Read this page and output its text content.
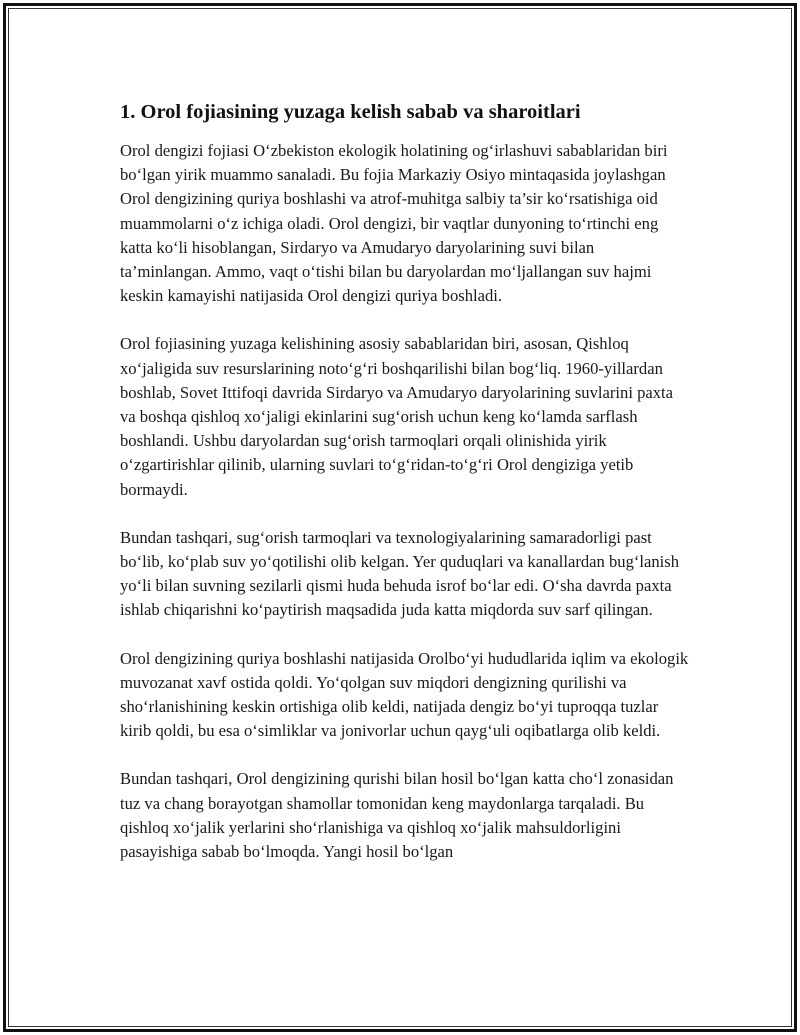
1. Orol fojiasining yuzaga kelish sabab va sharoitlari

Orol dengizi fojiasi O‘zbekiston ekologik holatining og‘irlashuvi sabablaridan biri bo‘lgan yirik muammo sanaladi. Bu fojia Markaziy Osiyo mintaqasida joylashgan Orol dengizining quriya boshlashi va atrof-muhitga salbiy ta’sir ko‘rsatishiga oid muammolarni o‘z ichiga oladi. Orol dengizi, bir vaqtlar dunyoning to‘rtinchi eng katta ko‘li hisoblangan, Sirdaryo va Amudaryo daryolarining suvi bilan ta’minlangan. Ammo, vaqt o‘tishi bilan bu daryolardan mo‘ljallangan suv hajmi keskin kamayishi natijasida Orol dengizi quriya boshladi.

Orol fojiasining yuzaga kelishining asosiy sabablaridan biri, asosan, Qishloq xo‘jaligida suv resurslarining noto‘g‘ri boshqarilishi bilan bog‘liq. 1960-yillardan boshlab, Sovet Ittifoqi davrida Sirdaryo va Amudaryo daryolarining suvlarini paxta va boshqa qishloq xo‘jaligi ekinlarini sug‘orish uchun keng ko‘lamda sarflash boshlandi. Ushbu daryolardan sug‘orish tarmoqlari orqali olinishida yirik o‘zgartirishlar qilinib, ularning suvlari to‘g‘ridan-to‘g‘ri Orol dengiziga yetib bormaydi.

Bundan tashqari, sug‘orish tarmoqlari va texnologiyalarining samaradorligi past bo‘lib, ko‘plab suv yo‘qotilishi olib kelgan. Yer quduqlari va kanallardan bug‘lanish yo‘li bilan suvning sezilarli qismi huda behuda isrof bo‘lar edi. O‘sha davrda paxta ishlab chiqarishni ko‘paytirish maqsadida juda katta miqdorda suv sarf qilingan.

Orol dengizining quriya boshlashi natijasida Orolbo‘yi hududlarida iqlim va ekologik muvozanat xavf ostida qoldi. Yo‘qolgan suv miqdori dengizning qurilishi va sho‘rlanishining keskin ortishiga olib keldi, natijada dengiz bo‘yi tuproqqa tuzlar kirib qoldi, bu esa o‘simliklar va jonivorlar uchun qayg‘uli oqibatlarga olib keldi.

Bundan tashqari, Orol dengizining qurishi bilan hosil bo‘lgan katta cho‘l zonasidan tuz va chang borayotgan shamollar tomonidan keng maydonlarga tarqaladi. Bu qishloq xo‘jalik yerlarini sho‘rlanishiga va qishloq xo‘jalik mahsuldorligini pasayishiga sabab bo‘lmoqda. Yangi hosil bo‘lgan
